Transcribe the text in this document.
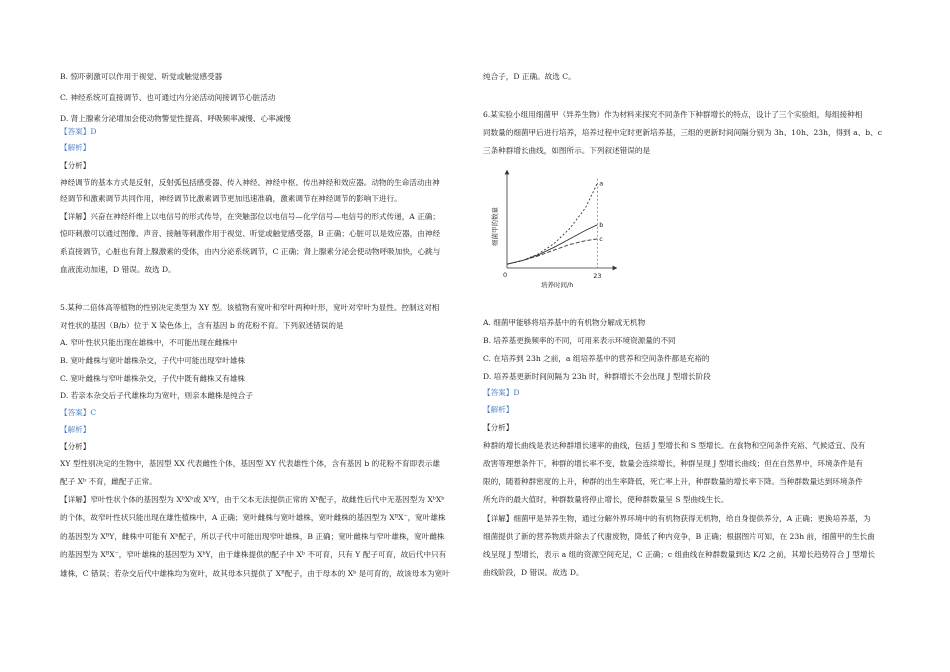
B. 惊吓刺激可以作用于视觉、听觉或触觉感受器
C. 神经系统可直接调节、也可通过内分泌活动间接调节心脏活动
D. 肾上腺素分泌增加会使动物警觉性提高、呼吸频率减慢、心率减慢
【答案】D
【解析】
【分析】
神经调节的基本方式是反射，反射弧包括感受器、传入神经、神经中枢、传出神经和效应器。动物的生命活动由神
经调节和激素调节共同作用，神经调节比激素调节更加迅速准确，激素调节在神经调节的影响下进行。
【详解】兴奋在神经纤维上以电信号的形式传导，在突触部位以电信号—化学信号—电信号的形式传递，A 正确；
惊吓刺激可以通过图像、声音、接触等刺激作用于视觉、听觉或触觉感受器，B 正确；心脏可以是效应器，由神经
系直接调节，心脏也有肾上腺激素的受体，由内分泌系统调节，C 正确；肾上腺素分泌会使动物呼吸加快，心跳与
血液流动加速，D 错误。故选 D。
5.某种二倍体高等植物的性别决定类型为 XY 型。该植物有宽叶和窄叶两种叶形，宽叶对窄叶为显性。控制这对相
对性状的基因（B/b）位于 X 染色体上，含有基因 b 的花粉不育。下列叙述错误的是
A. 窄叶性状只能出现在雄株中，不可能出现在雌株中
B. 宽叶雌株与宽叶雄株杂交，子代中可能出现窄叶雄株
C. 宽叶雌株与窄叶雄株杂交，子代中既有雌株又有雄株
D. 若亲本杂交后子代雄株均为宽叶，则亲本雌株是纯合子
【答案】C
【解析】
【分析】
XY 型性别决定的生物中，基因型 XX 代表雌性个体，基因型 XY 代表雄性个体，含有基因 b 的花粉不育即表示雄
配子 Xᵇ 不育，雌配子正常。
【详解】窄叶性状个体的基因型为 XᵇXᵇ或 XᵇY，由于父本无法提供正常的 Xᵇ配子，故雌性后代中无基因型为 XᵇXᵇ
的个体，故窄叶性状只能出现在雄性植株中，A 正确；宽叶雌株与宽叶雄株，宽叶雌株的基因型为 XᴮX⁻，宽叶雄株
的基因型为 XᴮY，雌株中可能有 Xᵇ配子，所以子代中可能出现窄叶雄株，B 正确；宽叶雌株与窄叶雄株，宽叶雌株
的基因型为 XᴮX⁻，窄叶雄株的基因型为 XᵇY，由于雄株提供的配子中 Xᵇ 不可育，只有 Y 配子可育，故后代中只有
雄株，C 错误；若杂交后代中雄株均为宽叶，故其母本只提供了 Xᴮ配子，由于母本的 Xᵇ 是可育的，故该母本为宽叶
纯合子，D 正确。故选 C。
6.某实验小组用细菌甲（异养生物）作为材料来探究不同条件下种群增长的特点，设计了三个实验组，每组接种相
同数量的细菌甲后进行培养，培养过程中定时更新培养基，三组的更新时间间隔分别为 3h、10h、23h，得到 a、b、c
三条种群增长曲线，如图所示。下列叙述错误的是
a
b
c
细菌甲的数量
0
培养时间/h
23
A. 细菌甲能够将培养基中的有机物分解成无机物
B. 培养基更换频率的不同，可用来表示环境资源量的不同
C. 在培养到 23h 之前，a 组培养基中的营养和空间条件都是充裕的
D. 培养基更新时间间隔为 23h 时，种群增长不会出现 J 型增长阶段
【答案】D
【解析】
【分析】
种群的增长曲线是表达种群增长速率的曲线，包括 J 型增长和 S 型增长。在食物和空间条件充裕、气候适宜、没有
敌害等理想条件下，种群的增长率不变，数量会连续增长，种群呈现 J 型增长曲线；但在自然界中，环境条件是有
限的，随着种群密度的上升，种群的出生率降低，死亡率上升，种群数量的增长率下降。当种群数量达到环境条件
所允许的最大值时，种群数量将停止增长，使种群数量呈 S 型曲线生长。
【详解】细菌甲是异养生物，通过分解外界环境中的有机物获得无机物，给自身提供养分，A 正确；更换培养基，为
细菌提供了新的营养物质并除去了代谢废物，降低了种内竞争，B 正确；根据图片可知，在 23h 前，细菌甲的生长曲
线呈现 J 型增长，表示 a 组的资源空间充足，C 正确；c 组曲线在种群数量到达 K/2 之前，其增长趋势符合 J 型增长
曲线阶段，D 错误。故选 D。
